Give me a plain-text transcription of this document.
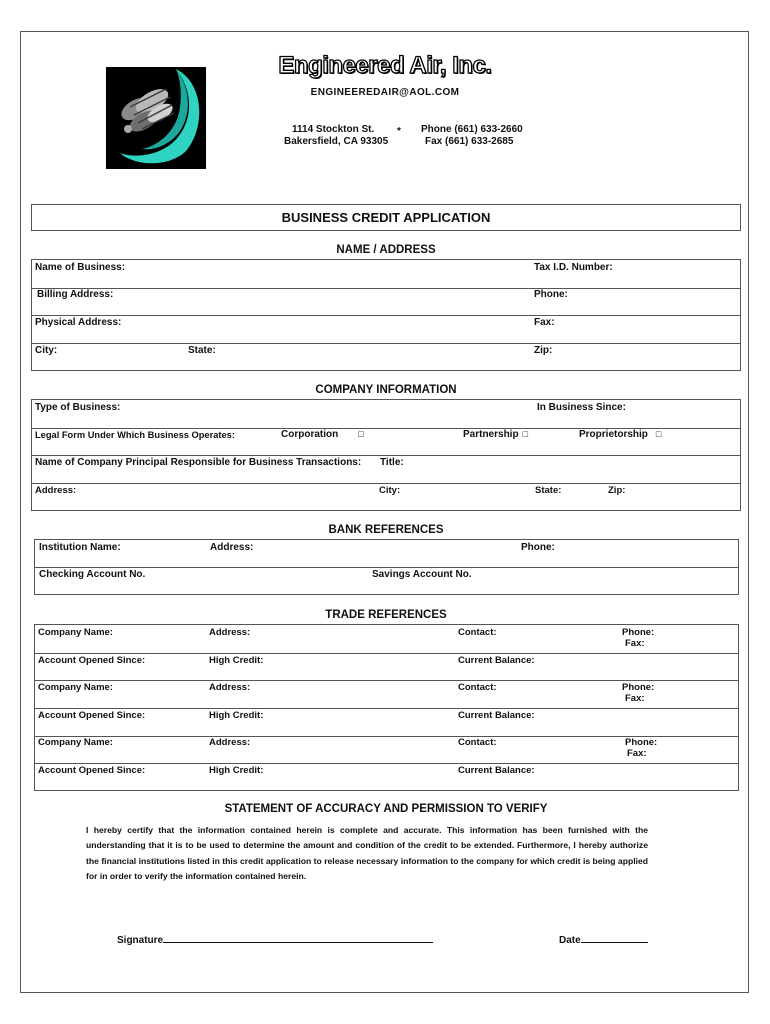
Engineered Air, Inc.
ENGINEEREDAIR@AOL.COM
1114 Stockton St.
Bakersfield, CA 93305
* Phone (661) 633-2660
Fax (661) 633-2685
BUSINESS CREDIT APPLICATION
NAME / ADDRESS
Name of Business:	Tax I.D. Number:
Billing Address:	Phone:
Physical Address:	Fax:
City:	State:	Zip:
COMPANY INFORMATION
Type of Business:	In Business Since:
Legal Form Under Which Business Operates:	Corporation □	Partnership □	Proprietorship □
Name of Company Principal Responsible for Business Transactions: Title:
Address:	City:	State:	Zip:
BANK REFERENCES
Institution Name:	Address:	Phone:
Checking Account No.	Savings Account No.
TRADE REFERENCES
Company Name:	Address:	Contact:	Phone:
Fax:
Account Opened Since:	High Credit:	Current Balance:
Company Name:	Address:	Contact:	Phone:
Fax:
Account Opened Since:	High Credit:	Current Balance:
Company Name:	Address:	Contact:	Phone:
Fax:
Account Opened Since:	High Credit:	Current Balance:
STATEMENT OF ACCURACY AND PERMISSION TO VERIFY
I hereby certify that the information contained herein is complete and accurate. This information has been furnished with the understanding that it is to be used to determine the amount and condition of the credit to be extended. Furthermore, I hereby authorize the financial institutions listed in this credit application to release necessary information to the company for which credit is being applied for in order to verify the information contained herein.
Signature	Date
